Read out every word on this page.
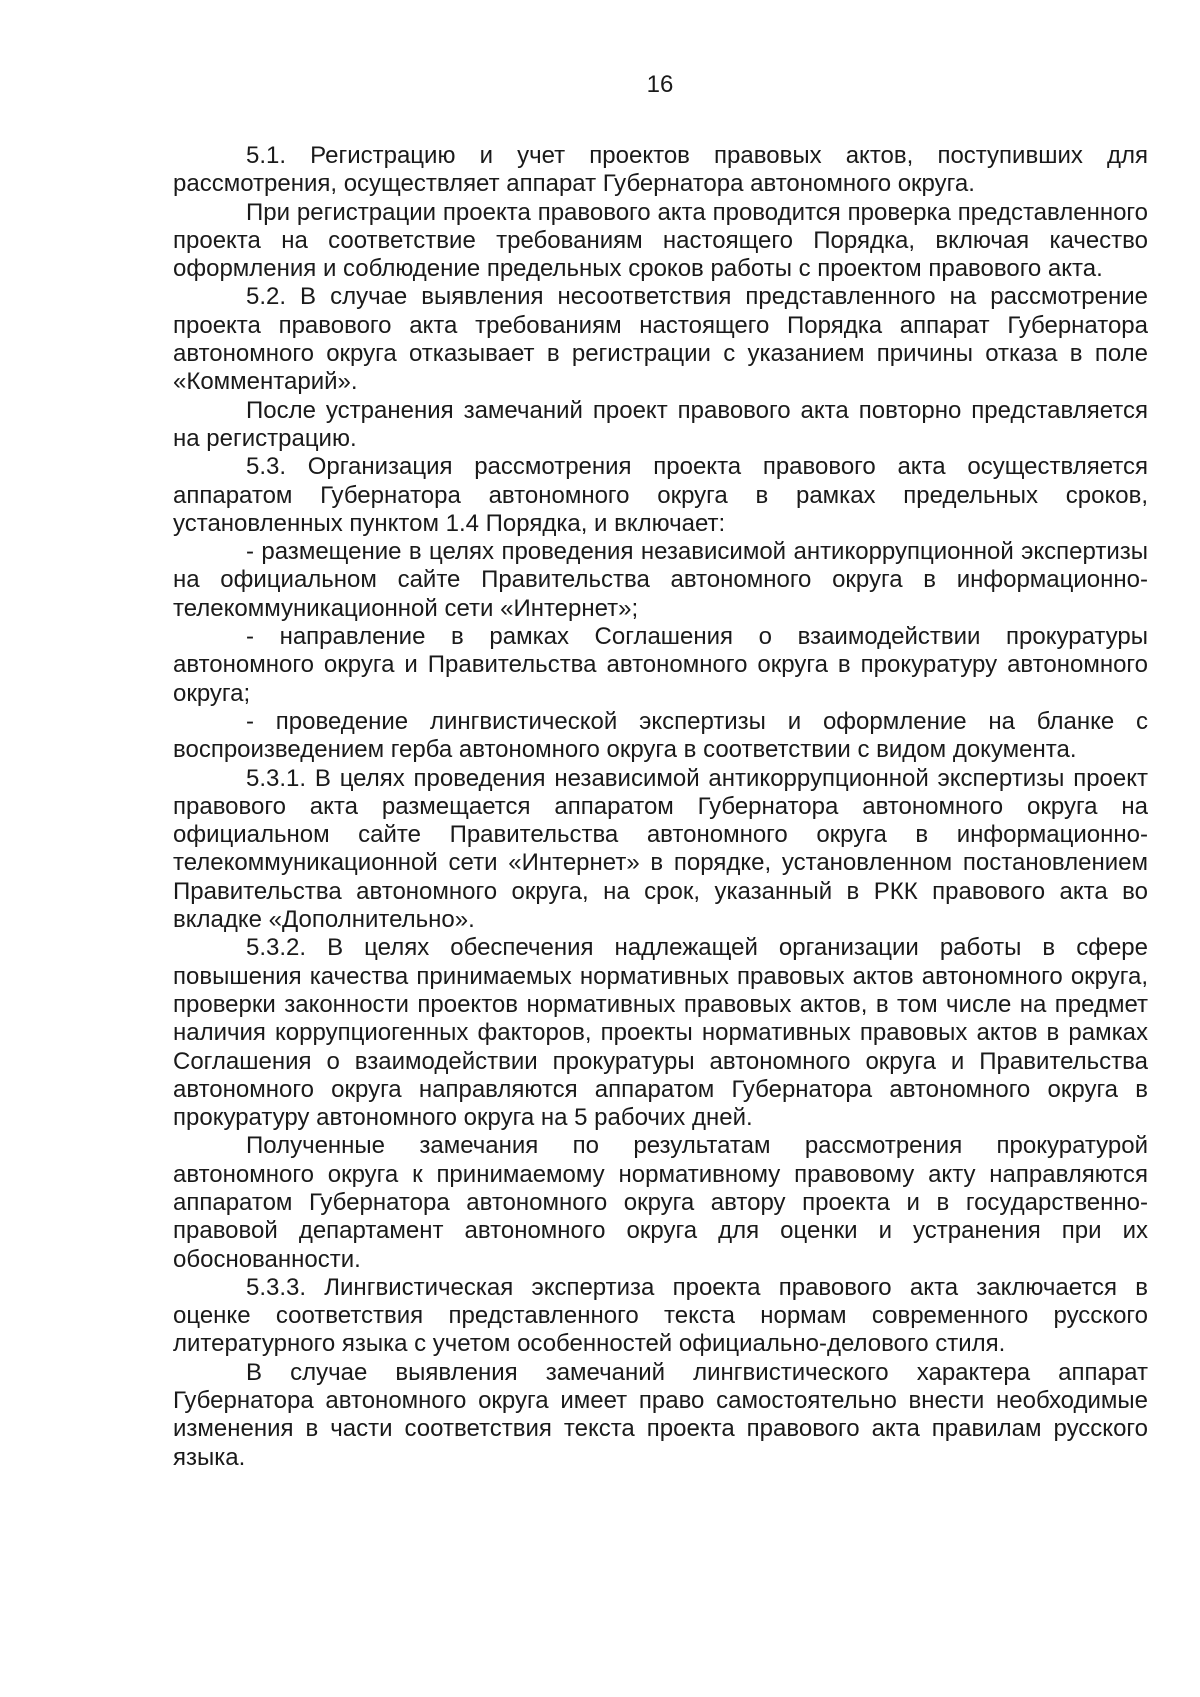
16

5.1. Регистрацию и учет проектов правовых актов, поступивших для рассмотрения, осуществляет аппарат Губернатора автономного округа.

При регистрации проекта правового акта проводится проверка представленного проекта на соответствие требованиям настоящего Порядка, включая качество оформления и соблюдение предельных сроков работы с проектом правового акта.

5.2. В случае выявления несоответствия представленного на рассмотрение проекта правового акта требованиям настоящего Порядка аппарат Губернатора автономного округа отказывает в регистрации с указанием причины отказа в поле «Комментарий».

После устранения замечаний проект правового акта повторно представляется на регистрацию.

5.3. Организация рассмотрения проекта правового акта осуществляется аппаратом Губернатора автономного округа в рамках предельных сроков, установленных пунктом 1.4 Порядка, и включает:

- размещение в целях проведения независимой антикоррупционной экспертизы на официальном сайте Правительства автономного округа в информационно-телекоммуникационной сети «Интернет»;

- направление в рамках Соглашения о взаимодействии прокуратуры автономного округа и Правительства автономного округа в прокуратуру автономного округа;

- проведение лингвистической экспертизы и оформление на бланке с воспроизведением герба автономного округа в соответствии с видом документа.

5.3.1. В целях проведения независимой антикоррупционной экспертизы проект правового акта размещается аппаратом Губернатора автономного округа на официальном сайте Правительства автономного округа в информационно-телекоммуникационной сети «Интернет» в порядке, установленном постановлением Правительства автономного округа, на срок, указанный в РКК правового акта во вкладке «Дополнительно».

5.3.2. В целях обеспечения надлежащей организации работы в сфере повышения качества принимаемых нормативных правовых актов автономного округа, проверки законности проектов нормативных правовых актов, в том числе на предмет наличия коррупциогенных факторов, проекты нормативных правовых актов в рамках Соглашения о взаимодействии прокуратуры автономного округа и Правительства автономного округа направляются аппаратом Губернатора автономного округа в прокуратуру автономного округа на 5 рабочих дней.

Полученные замечания по результатам рассмотрения прокуратурой автономного округа к принимаемому нормативному правовому акту направляются аппаратом Губернатора автономного округа автору проекта и в государственно-правовой департамент автономного округа для оценки и устранения при их обоснованности.

5.3.3. Лингвистическая экспертиза проекта правового акта заключается в оценке соответствия представленного текста нормам современного русского литературного языка с учетом особенностей официально-делового стиля.

В случае выявления замечаний лингвистического характера аппарат Губернатора автономного округа имеет право самостоятельно внести необходимые изменения в части соответствия текста проекта правового акта правилам русского языка.
